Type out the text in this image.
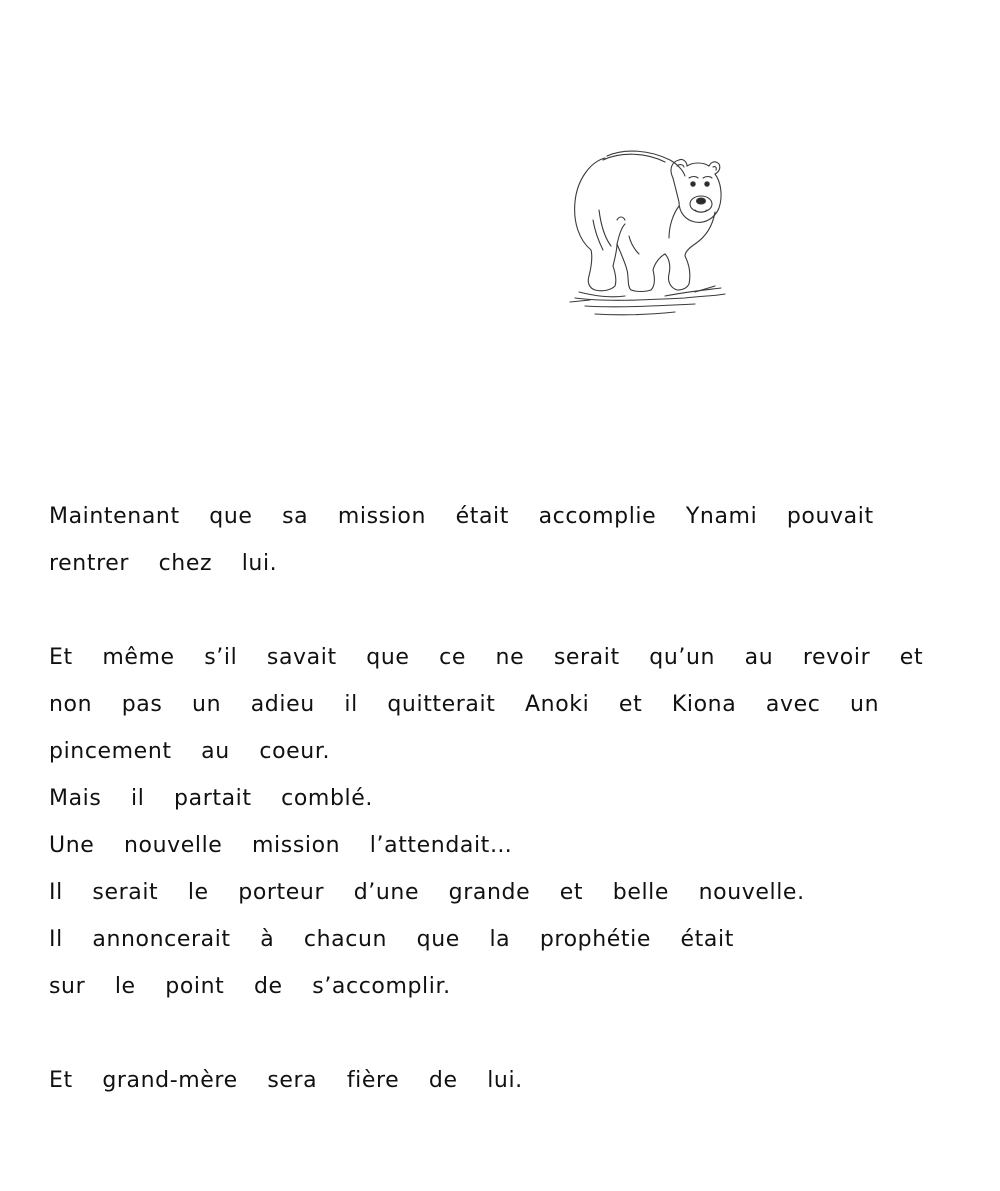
Maintenant que sa mission était accomplie Ynami pouvait
rentrer chez lui.
Et même s’il savait que ce ne serait qu’un au revoir et
non pas un adieu il quitterait Anoki et Kiona avec un
pincement au coeur.
Mais il partait comblé.
Une nouvelle mission l’attendait…
Il serait le porteur d’une grande et belle nouvelle.
Il annoncerait à chacun que la prophétie était
sur le point de s’accomplir.
Et grand-mère sera fière de lui.
